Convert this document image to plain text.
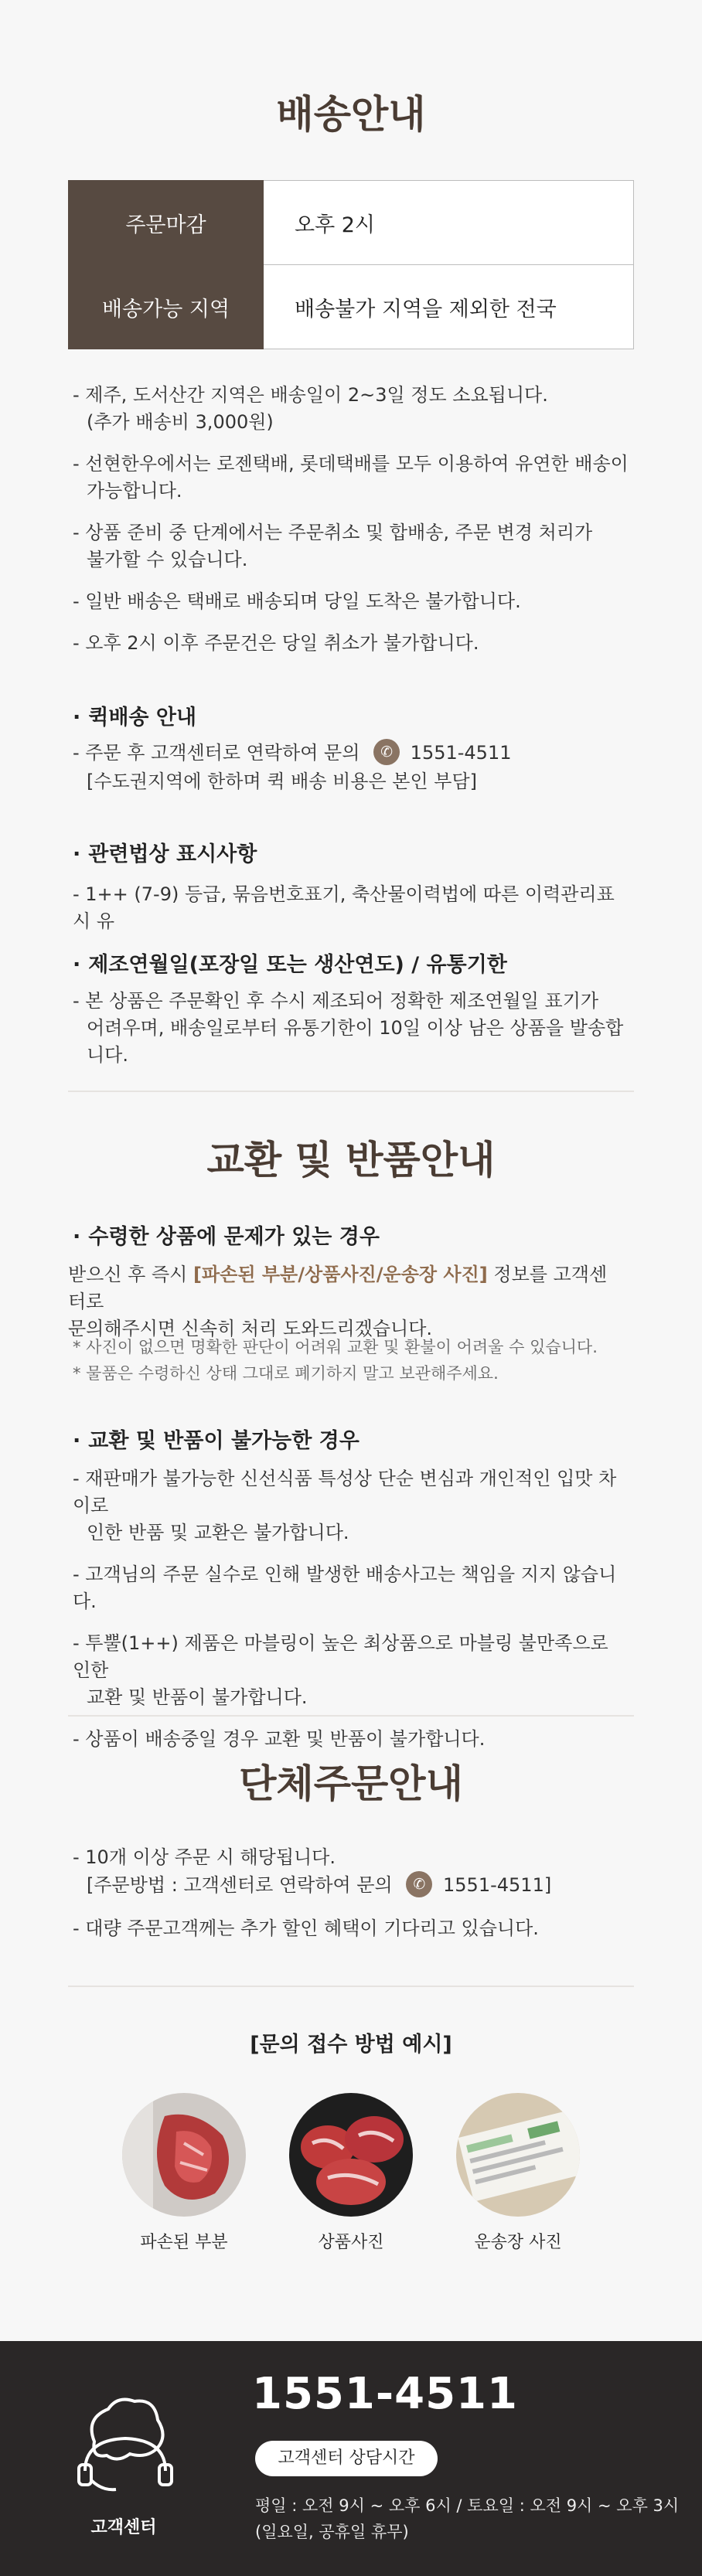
배송안내
주문마감	오후 2시
배송가능 지역	배송불가 지역을 제외한 전국
- 제주, 도서산간 지역은 배송일이 2~3일 정도 소요됩니다.
(추가 배송비 3,000원)
- 선현한우에서는 로젠택배, 롯데택배를 모두 이용하여 유연한 배송이
가능합니다.
- 상품 준비 중 단계에서는 주문취소 및 합배송, 주문 변경 처리가
불가할 수 있습니다.
- 일반 배송은 택배로 배송되며 당일 도착은 불가합니다.
- 오후 2시 이후 주문건은 당일 취소가 불가합니다.
· 퀵배송 안내
- 주문 후 고객센터로 연락하여 문의 ✆ 1551-4511
[수도권지역에 한하며 퀵 배송 비용은 본인 부담]
· 관련법상 표시사항
- 1++ (7-9) 등급, 묶음번호표기, 축산물이력법에 따른 이력관리표시 유
· 제조연월일(포장일 또는 생산연도) / 유통기한
- 본 상품은 주문확인 후 수시 제조되어 정확한 제조연월일 표기가
어려우며, 배송일로부터 유통기한이 10일 이상 남은 상품을 발송합니다.
교환 및 반품안내
· 수령한 상품에 문제가 있는 경우
받으신 후 즉시 [파손된 부분/상품사진/운송장 사진] 정보를 고객센터로
문의해주시면 신속히 처리 도와드리겠습니다.
* 사진이 없으면 명확한 판단이 어려워 교환 및 환불이 어려울 수 있습니다.
* 물품은 수령하신 상태 그대로 폐기하지 말고 보관해주세요.
· 교환 및 반품이 불가능한 경우
- 재판매가 불가능한 신선식품 특성상 단순 변심과 개인적인 입맛 차이로
인한 반품 및 교환은 불가합니다.
- 고객님의 주문 실수로 인해 발생한 배송사고는 책임을 지지 않습니다.
- 투뿔(1++) 제품은 마블링이 높은 최상품으로 마블링 불만족으로 인한
교환 및 반품이 불가합니다.
- 상품이 배송중일 경우 교환 및 반품이 불가합니다.
단체주문안내
- 10개 이상 주문 시 해당됩니다.
[주문방법 : 고객센터로 연락하여 문의 ✆ 1551-4511]
- 대량 주문고객께는 추가 할인 혜택이 기다리고 있습니다.
[문의 접수 방법 예시]
파손된 부분	상품사진	운송장 사진
고객센터
1551-4511
고객센터 상담시간
평일 : 오전 9시 ~ 오후 6시 / 토요일 : 오전 9시 ~ 오후 3시
(일요일, 공휴일 휴무)
